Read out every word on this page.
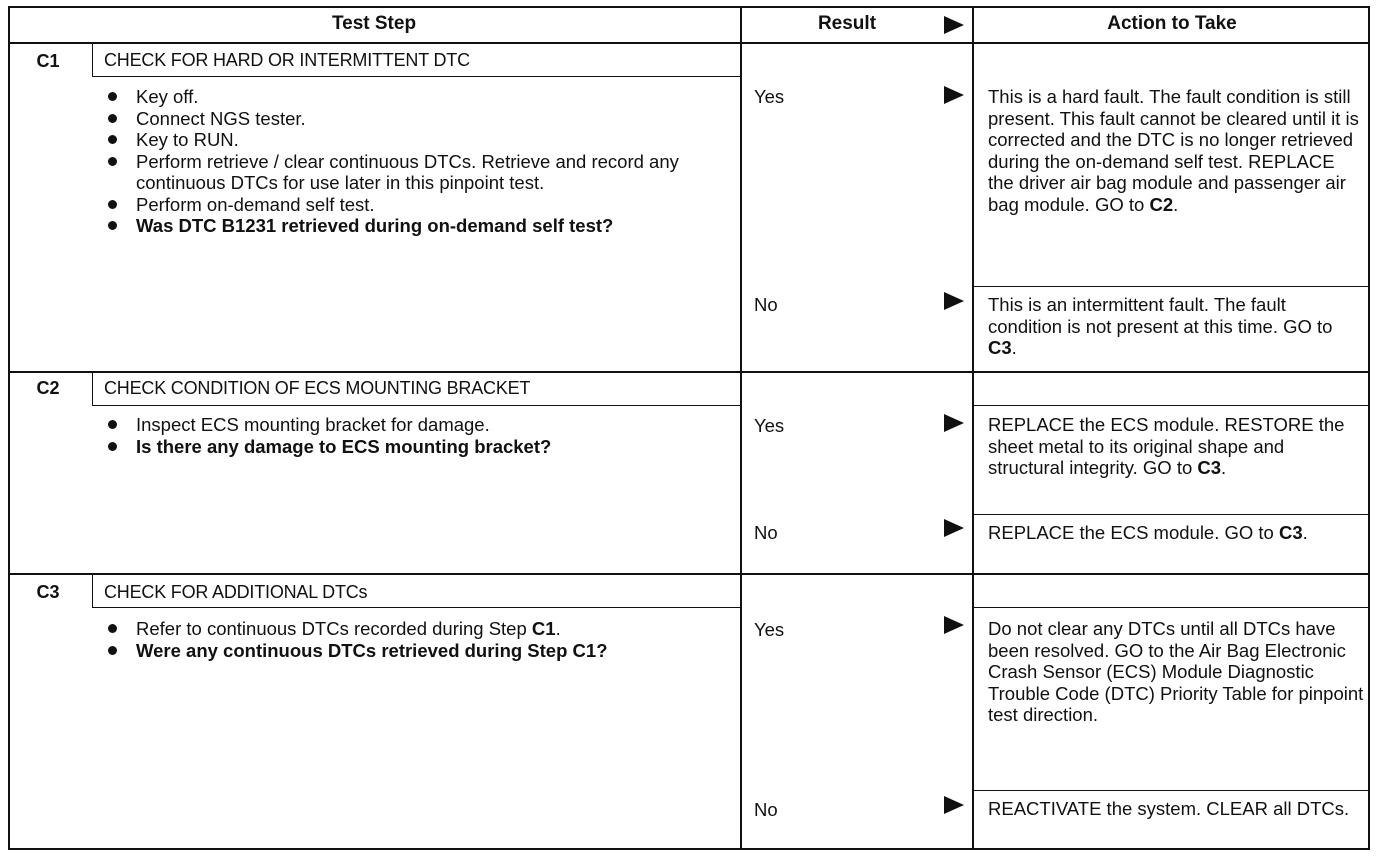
Test Step	Result	Action to Take
C1	CHECK FOR HARD OR INTERMITTENT DTC
Key off.
Connect NGS tester.
Key to RUN.
Perform retrieve / clear continuous DTCs. Retrieve and record any continuous DTCs for use later in this pinpoint test.
Perform on-demand self test.
Was DTC B1231 retrieved during on-demand self test?
Yes	This is a hard fault. The fault condition is still present. This fault cannot be cleared until it is corrected and the DTC is no longer retrieved during the on-demand self test. REPLACE the driver air bag module and passenger air bag module. GO to C2.
No	This is an intermittent fault. The fault condition is not present at this time. GO to C3.
C2	CHECK CONDITION OF ECS MOUNTING BRACKET
Inspect ECS mounting bracket for damage.
Is there any damage to ECS mounting bracket?
Yes	REPLACE the ECS module. RESTORE the sheet metal to its original shape and structural integrity. GO to C3.
No	REPLACE the ECS module. GO to C3.
C3	CHECK FOR ADDITIONAL DTCs
Refer to continuous DTCs recorded during Step C1.
Were any continuous DTCs retrieved during Step C1?
Yes	Do not clear any DTCs until all DTCs have been resolved. GO to the Air Bag Electronic Crash Sensor (ECS) Module Diagnostic Trouble Code (DTC) Priority Table for pinpoint test direction.
No	REACTIVATE the system. CLEAR all DTCs.
